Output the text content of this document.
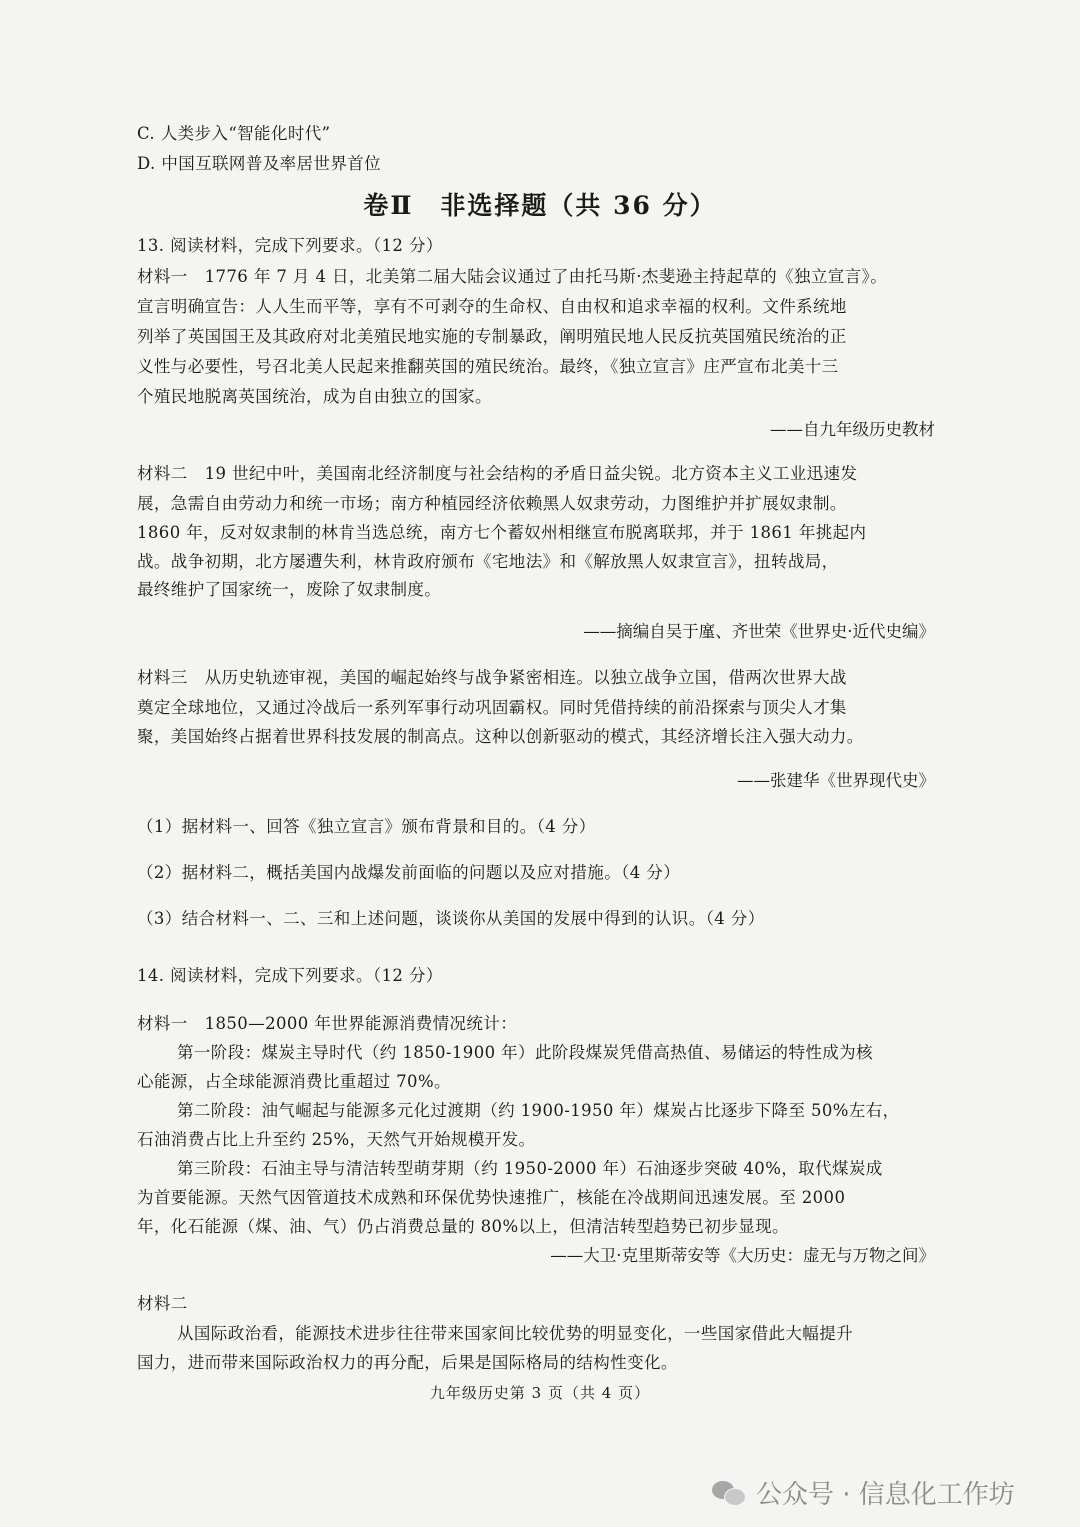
C. 人类步入“智能化时代”
D. 中国互联网普及率居世界首位
卷Ⅱ　非选择题（共 36 分）
13. 阅读材料，完成下列要求。（12 分）
材料一　1776 年 7 月 4 日，北美第二届大陆会议通过了由托马斯·杰斐逊主持起草的《独立宣言》。
宣言明确宣告：人人生而平等，享有不可剥夺的生命权、自由权和追求幸福的权利。文件系统地
列举了英国国王及其政府对北美殖民地实施的专制暴政，阐明殖民地人民反抗英国殖民统治的正
义性与必要性，号召北美人民起来推翻英国的殖民统治。最终，《独立宣言》庄严宣布北美十三
个殖民地脱离英国统治，成为自由独立的国家。
——自九年级历史教材
材料二　19 世纪中叶，美国南北经济制度与社会结构的矛盾日益尖锐。北方资本主义工业迅速发
展，急需自由劳动力和统一市场；南方种植园经济依赖黑人奴隶劳动，力图维护并扩展奴隶制。
1860 年，反对奴隶制的林肯当选总统，南方七个蓄奴州相继宣布脱离联邦，并于 1861 年挑起内
战。战争初期，北方屡遭失利，林肯政府颁布《宅地法》和《解放黑人奴隶宣言》，扭转战局，
最终维护了国家统一，废除了奴隶制度。
——摘编自吴于廑、齐世荣《世界史·近代史编》
材料三　从历史轨迹审视，美国的崛起始终与战争紧密相连。以独立战争立国，借两次世界大战
奠定全球地位，又通过冷战后一系列军事行动巩固霸权。同时凭借持续的前沿探索与顶尖人才集
聚，美国始终占据着世界科技发展的制高点。这种以创新驱动的模式，其经济增长注入强大动力。
——张建华《世界现代史》
（1）据材料一、回答《独立宣言》颁布背景和目的。（4 分）
（2）据材料二，概括美国内战爆发前面临的问题以及应对措施。（4 分）
（3）结合材料一、二、三和上述问题，谈谈你从美国的发展中得到的认识。（4 分）
14. 阅读材料，完成下列要求。（12 分）
材料一　1850—2000 年世界能源消费情况统计：
第一阶段：煤炭主导时代（约 1850-1900 年）此阶段煤炭凭借高热值、易储运的特性成为核
心能源，占全球能源消费比重超过 70%。
第二阶段：油气崛起与能源多元化过渡期（约 1900-1950 年）煤炭占比逐步下降至 50%左右，
石油消费占比上升至约 25%，天然气开始规模开发。
第三阶段：石油主导与清洁转型萌芽期（约 1950-2000 年）石油逐步突破 40%，取代煤炭成
为首要能源。天然气因管道技术成熟和环保优势快速推广，核能在冷战期间迅速发展。至 2000
年，化石能源（煤、油、气）仍占消费总量的 80%以上，但清洁转型趋势已初步显现。
——大卫·克里斯蒂安等《大历史：虚无与万物之间》
材料二
从国际政治看，能源技术进步往往带来国家间比较优势的明显变化，一些国家借此大幅提升
国力，进而带来国际政治权力的再分配，后果是国际格局的结构性变化。
九年级历史第 3 页（共 4 页）
公众号 · 信息化工作坊
